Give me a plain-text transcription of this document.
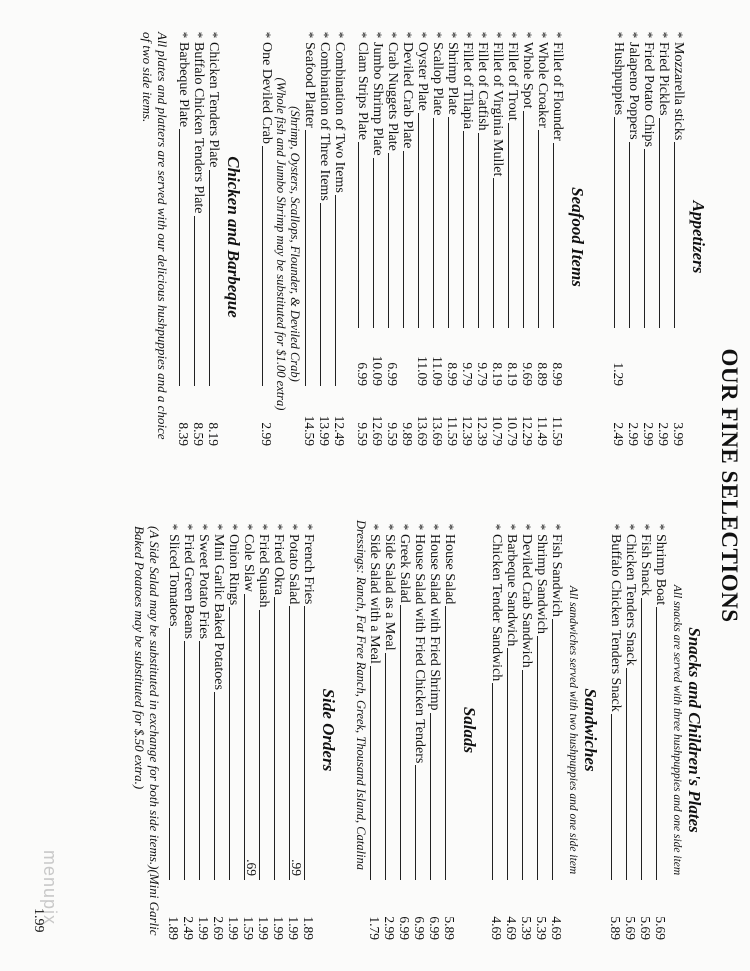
OUR FINE SELECTIONS
Appetizers
*
Mozzarella sticks
3.99
*
Fried Pickles
2.99
*
Fried Potato Chips
2.99
*
Jalapeno Poppers
2.99
*
Hushpuppies
1.29
2.49
Seafood Items
*
Fillet of Flounder
8.99
11.59
*
Whole Croaker
8.89
11.49
*
Whole Spot
9.69
12.29
*
Fillet of Trout
8.19
10.79
*
Fillet of Virginia Mullet
8.19
10.79
*
Fillet of Catfish
9.79
12.39
*
Fillet of Tilapia
9.79
12.39
*
Shrimp Plate
8.99
11.59
*
Scallop Plate
11.09
13.69
*
Oyster Plate
11.09
13.69
*
Deviled Crab Plate
9.89
*
Crab Nuggets Plate
6.99
9.59
*
Jumbo Shrimp Plate
10.09
12.69
*
Clam Strips Plate
6.99
9.59
*
Combination of Two Items
12.49
*
Combination of Three Items
13.99
*
Seafood Platter
14.59
(Shrimp, Oysters, Scallops, Flounder, & Deviled Crab)
(Whole fish and Jumbo Shrimp may be substituted for $1.00 extra)
*
One Deviled Crab
2.99
Chicken and Barbeque
*
Chicken Tenders Plate
8.19
*
Buffalo Chicken Tenders Plate
8.59
*
Barbeque Plate
8.39
All plates and platters are served with our delicious hushpuppies and a choice of two side items.
Snacks and Children's Plates
All snacks are served with three hushpuppies and one side item
*
Shrimp Boat
5.69
*
Fish Snack
5.69
*
Chicken Tenders Snack
5.69
*
Buffalo Chicken Tenders Snack
5.89
Sandwiches
All sandwiches served with two hushpuppies and one side item
*
Fish Sandwich
4.69
*
Shrimp Sandwich
5.39
*
Deviled Crab Sandwich
5.39
*
Barbeque Sandwich
4.69
*
Chicken Tender Sandwich
4.69
Salads
*
House Salad
5.89
*
House Salad with Fried Shrimp
6.99
*
House Salad with Fried Chicken Tenders
6.99
*
Greek Salad
6.99
*
Side Salad as a Meal
2.99
*
Side Salad with a Meal
1.79
Dressings: Ranch, Fat Free Ranch, Greek, Thousand Island, Catalina
Side Orders
*
French Fries
1.89
*
Potato Salad
.99
1.99
*
Fried Okra
1.99
*
Fried Squash
1.99
*
Cole Slaw
.69
1.59
*
Onion Rings
1.99
*
Mini Garlic Baked Potatoes
2.69
*
Sweet Potato Fries
1.99
*
Fried Green Beans
2.49
*
Sliced Tomatoes
1.89
(A Side Salad may be substituted in exchange for both side items.)(Mini Garlic Baked Potatoes may be substituted for $.50 extra.)
1.99
menupix
